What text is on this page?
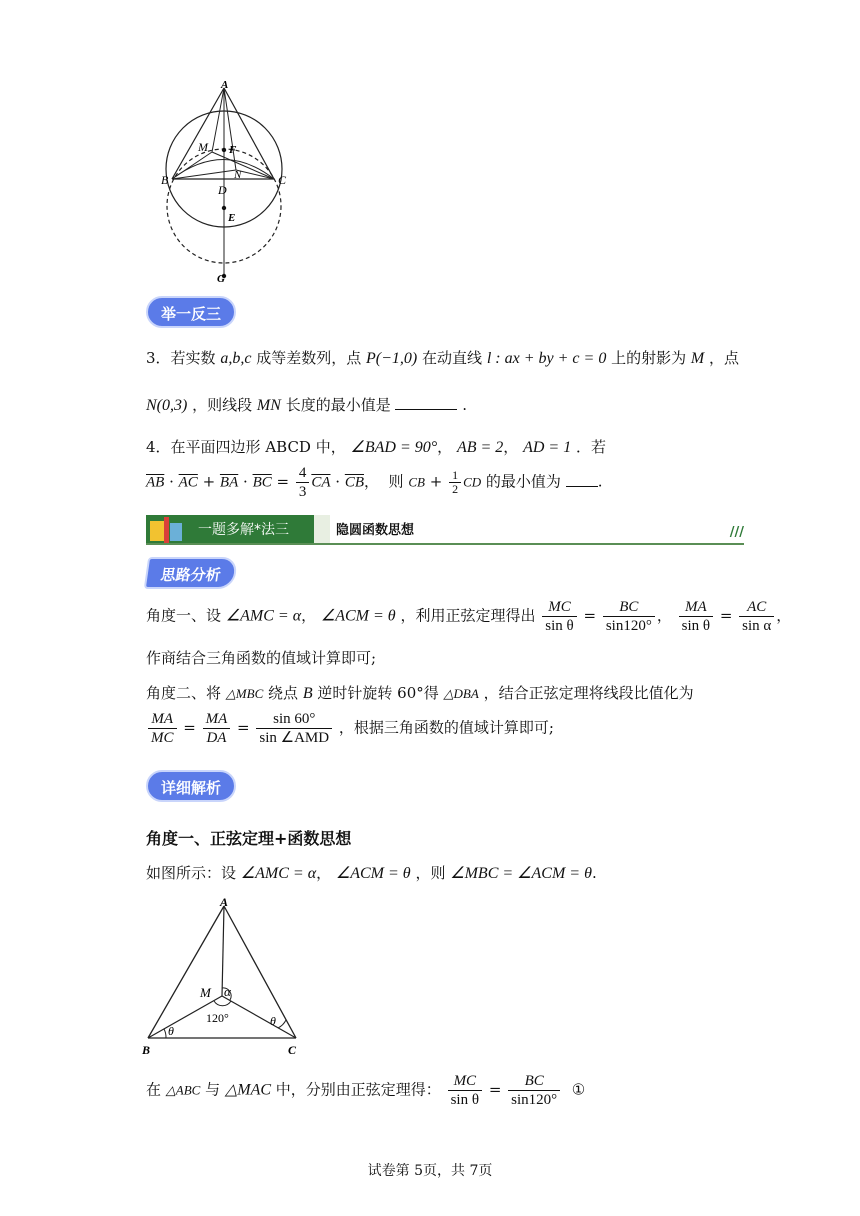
A
B	C
D
E
F
G
M
N
举一反三
3．若实数 a,b,c 成等差数列，点 P(−1,0) 在动直线 l : ax + by + c = 0 上的射影为 M ，点
N(0,3) ，则线段 MN 长度的最小值是	.
4．在平面四边形 ABCD 中， ∠BAD = 90°， AB = 2， AD = 1 ．若
$\overline{AB} \cdot \overline{AC} + \overline{BA} \cdot \overline{BC} = \frac{4}{3} \overline{CA} \cdot \overline{CB}$，  则 CB + $\frac{1}{2}$ CD 的最小值为 .
一题多解*法三	隐圆函数思想	///
思路分析
角度一、设 ∠AMC = α， ∠ACM = θ ，利用正弦定理得出 $\frac{MC}{\text{sin θ}} = \frac{BC}{\sin 120^\circ}$ ， $\frac{MA}{\text{sin θ}} = \frac{AC}{\text{sin α}}$ ，
作商结合三角函数的值域计算即可;
角度二、将 △MBC 绕点 B 逆时针旋转 60°得 △DBA ，结合正弦定理将线段比值化为
$\frac{MA}{MC} = \frac{MA}{DA} = \frac{\sin 60^\circ}{\text{sin ∠AMD}}$ ，根据三角函数的值域计算即可;
详细解析
角度一、正弦定理+函数思想
如图所示：设 ∠AMC = α， ∠ACM = θ ，则 ∠MBC = ∠ACM = θ.
A
B	C
M α
θ
θ
120°
在 △ABC 与 △MAC 中，分别由正弦定理得： $\frac{MC}{\text{sin θ}} = \frac{BC}{\sin 120^\circ}$ ①
试卷第 5页，共 7页
